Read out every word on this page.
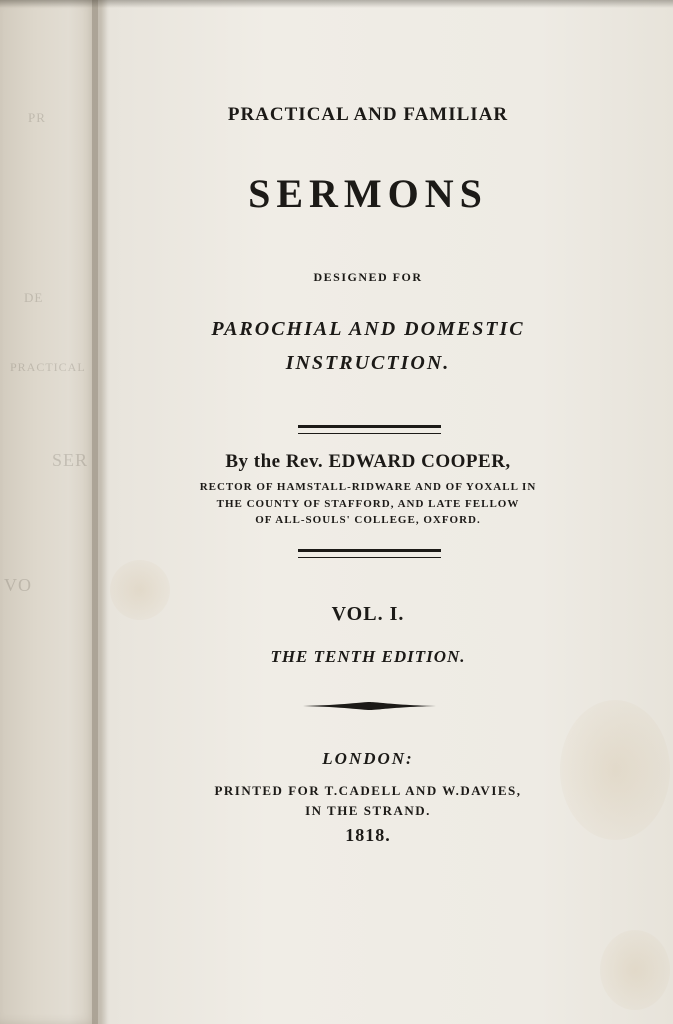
PR
DE
PRACTICAL
SER
VO
PRACTICAL AND FAMILIAR
SERMONS
DESIGNED FOR
PAROCHIAL AND DOMESTIC
INSTRUCTION.
By the Rev. EDWARD COOPER,
RECTOR OF HAMSTALL-RIDWARE AND OF YOXALL IN
THE COUNTY OF STAFFORD, AND LATE FELLOW
OF ALL-SOULS' COLLEGE, OXFORD.
VOL. I.
THE TENTH EDITION.
LONDON:
PRINTED FOR T.CADELL AND W.DAVIES,
IN THE STRAND.
1818.
